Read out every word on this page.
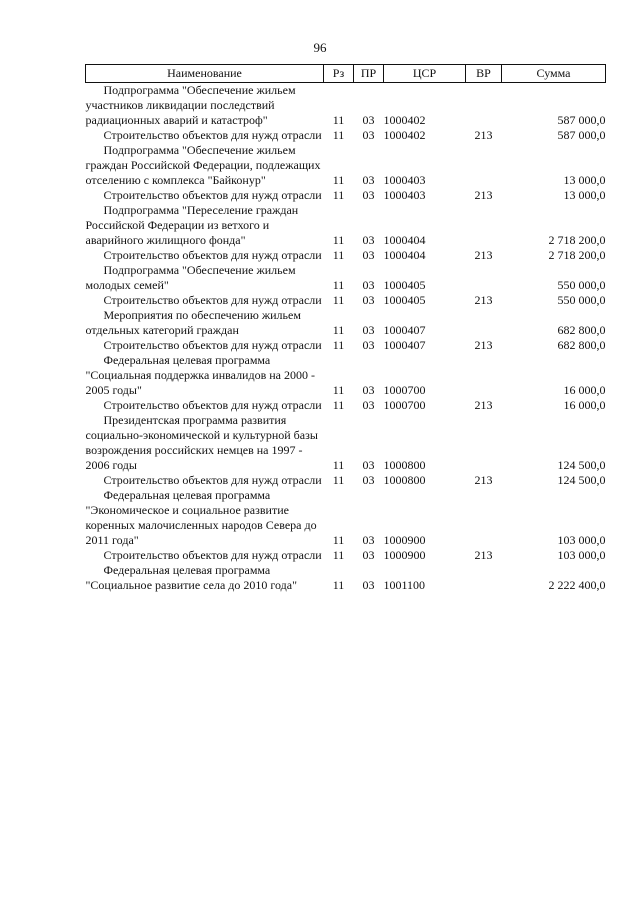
96
Наименование	Рз	ПР	ЦСР	ВР	Сумма
Подпрограмма "Обеспечение жильем участников ликвидации последствий радиационных аварий и катастроф"	11	03	1000402		587 000,0
Строительство объектов для нужд отрасли	11	03	1000402	213	587 000,0
Подпрограмма "Обеспечение жильем граждан Российской Федерации, подлежащих отселению с комплекса "Байконур"	11	03	1000403		13 000,0
Строительство объектов для нужд отрасли	11	03	1000403	213	13 000,0
Подпрограмма "Переселение граждан Российской Федерации из ветхого и аварийного жилищного фонда"	11	03	1000404		2 718 200,0
Строительство объектов для нужд отрасли	11	03	1000404	213	2 718 200,0
Подпрограмма "Обеспечение жильем молодых семей"	11	03	1000405		550 000,0
Строительство объектов для нужд отрасли	11	03	1000405	213	550 000,0
Мероприятия по обеспечению жильем отдельных категорий граждан	11	03	1000407		682 800,0
Строительство объектов для нужд отрасли	11	03	1000407	213	682 800,0
Федеральная целевая программа "Социальная поддержка инвалидов на 2000 - 2005 годы"	11	03	1000700		16 000,0
Строительство объектов для нужд отрасли	11	03	1000700	213	16 000,0
Президентская программа развития социально-экономической и культурной базы возрождения российских немцев на 1997 - 2006 годы	11	03	1000800		124 500,0
Строительство объектов для нужд отрасли	11	03	1000800	213	124 500,0
Федеральная целевая программа "Экономическое и социальное развитие коренных малочисленных народов Севера до 2011 года"	11	03	1000900		103 000,0
Строительство объектов для нужд отрасли	11	03	1000900	213	103 000,0
Федеральная целевая программа "Социальное развитие села до 2010 года"	11	03	1001100		2 222 400,0
